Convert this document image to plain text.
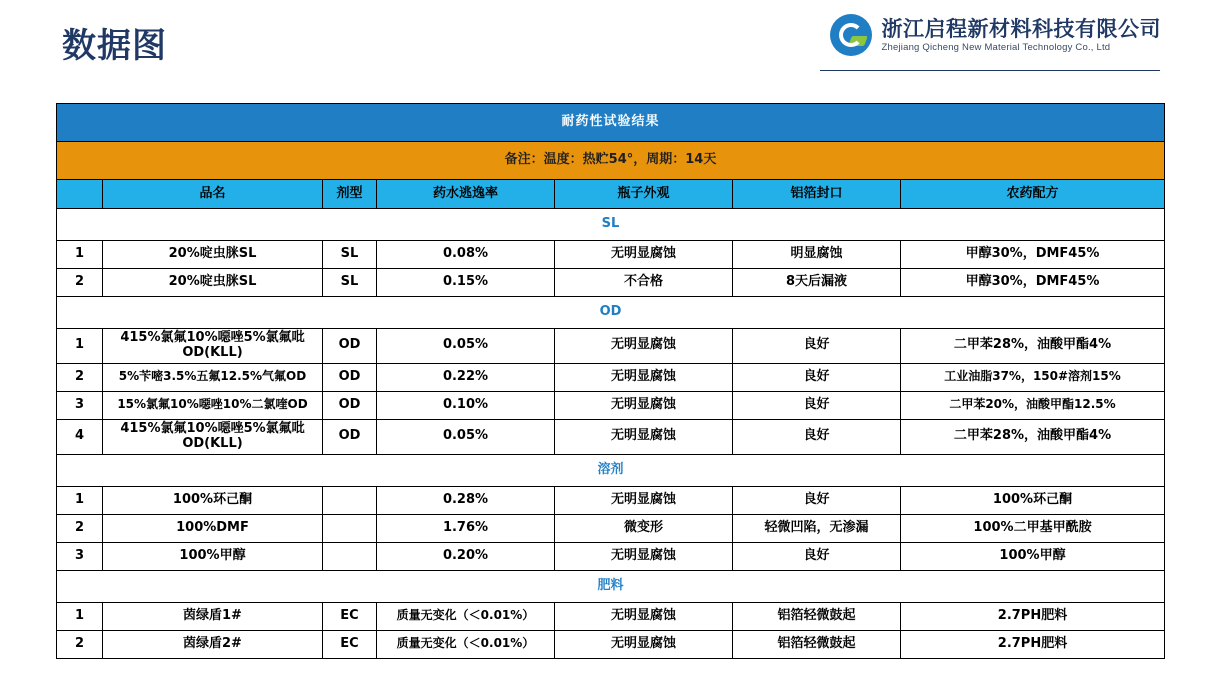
数据图	浙江启程新材料科技有限公司
Zhejiang Qicheng New Material Technology Co., Ltd
耐药性试验结果						
备注：温度：热贮54°，周期：14天						
	品名	剂型	药水逃逸率	瓶子外观	铝箔封口	农药配方
SL						
1	20%啶虫脒SL	SL	0.08%	无明显腐蚀	明显腐蚀	甲醇30%，DMF45%
2	20%啶虫脒SL	SL	0.15%	不合格	8天后漏液	甲醇30%，DMF45%
OD						
1	415%氯氟10%噁唑5%氯氟吡OD(KLL)	OD	0.05%	无明显腐蚀	良好	二甲苯28%，油酸甲酯4%
2	5%苄嘧3.5%五氟12.5%气氟OD	OD	0.22%	无明显腐蚀	良好	工业油脂37%，150#溶剂15%
3	15%氯氟10%噁唑10%二氯喹OD	OD	0.10%	无明显腐蚀	良好	二甲苯20%，油酸甲酯12.5%
4	415%氯氟10%噁唑5%氯氟吡OD(KLL)	OD	0.05%	无明显腐蚀	良好	二甲苯28%，油酸甲酯4%
溶剂						
1	100%环己酮		0.28%	无明显腐蚀	良好	100%环己酮
2	100%DMF		1.76%	微变形	轻微凹陷，无渗漏	100%二甲基甲酰胺
3	100%甲醇		0.20%	无明显腐蚀	良好	100%甲醇
肥料						
1	茵绿盾1#	EC	质量无变化（＜0.01%）	无明显腐蚀	铝箔轻微鼓起	2.7PH肥料
2	茵绿盾2#	EC	质量无变化（＜0.01%）	无明显腐蚀	铝箔轻微鼓起	2.7PH肥料
